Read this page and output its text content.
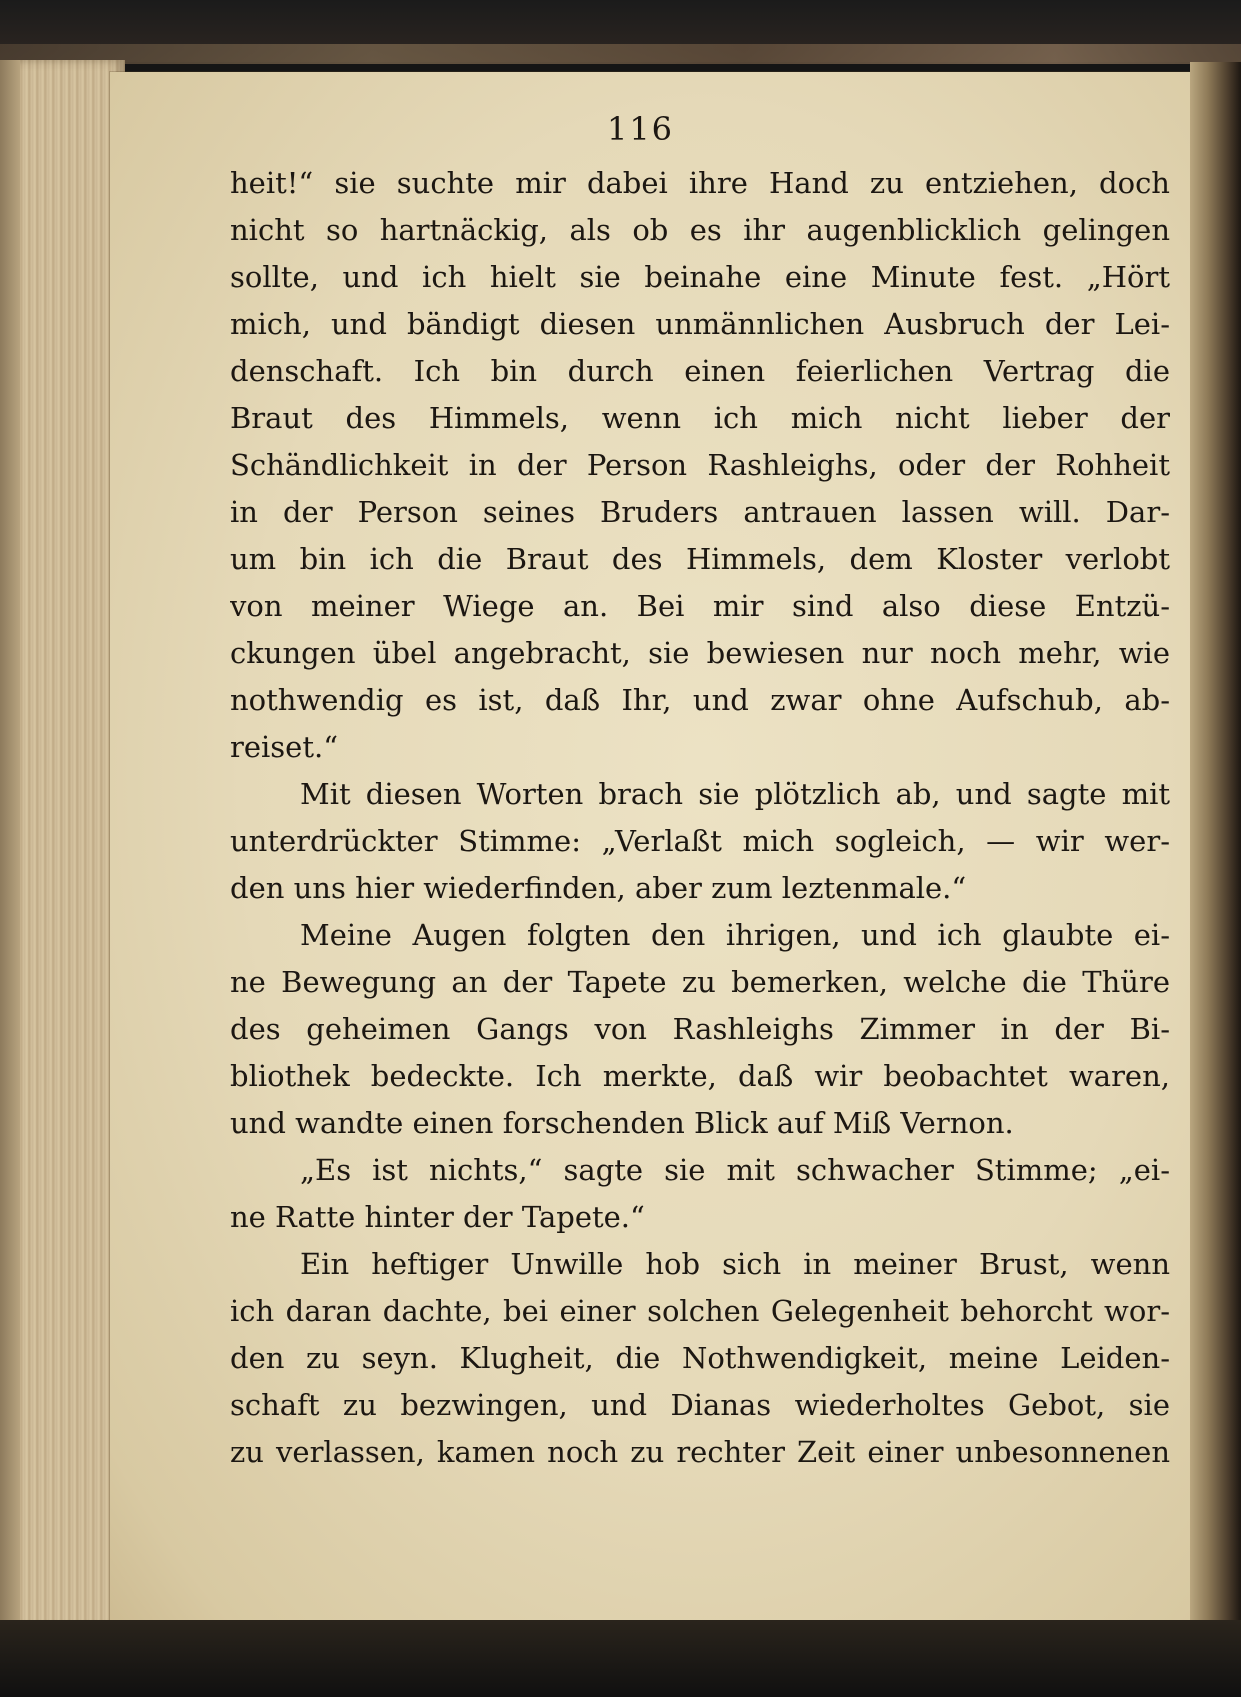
116
heit!“ sie suchte mir dabei ihre Hand zu entziehen, doch
nicht so hartnäckig, als ob es ihr augenblicklich gelingen
sollte, und ich hielt sie beinahe eine Minute fest. „Hört
mich, und bändigt diesen unmännlichen Ausbruch der Lei-
denschaft. Ich bin durch einen feierlichen Vertrag die
Braut des Himmels, wenn ich mich nicht lieber der
Schändlichkeit in der Person Rashleighs, oder der Rohheit
in der Person seines Bruders antrauen lassen will. Dar-
um bin ich die Braut des Himmels, dem Kloster verlobt
von meiner Wiege an. Bei mir sind also diese Entzü-
ckungen übel angebracht, sie bewiesen nur noch mehr, wie
nothwendig es ist, daß Ihr, und zwar ohne Aufschub, ab-
reiset.“
Mit diesen Worten brach sie plötzlich ab, und sagte mit
unterdrückter Stimme: „Verlaßt mich sogleich, — wir wer-
den uns hier wiederfinden, aber zum leztenmale.“
Meine Augen folgten den ihrigen, und ich glaubte ei-
ne Bewegung an der Tapete zu bemerken, welche die Thüre
des geheimen Gangs von Rashleighs Zimmer in der Bi-
bliothek bedeckte. Ich merkte, daß wir beobachtet waren,
und wandte einen forschenden Blick auf Miß Vernon.
„Es ist nichts,“ sagte sie mit schwacher Stimme; „ei-
ne Ratte hinter der Tapete.“
Ein heftiger Unwille hob sich in meiner Brust, wenn
ich daran dachte, bei einer solchen Gelegenheit behorcht wor-
den zu seyn. Klugheit, die Nothwendigkeit, meine Leiden-
schaft zu bezwingen, und Dianas wiederholtes Gebot, sie
zu verlassen, kamen noch zu rechter Zeit einer unbesonnenen
